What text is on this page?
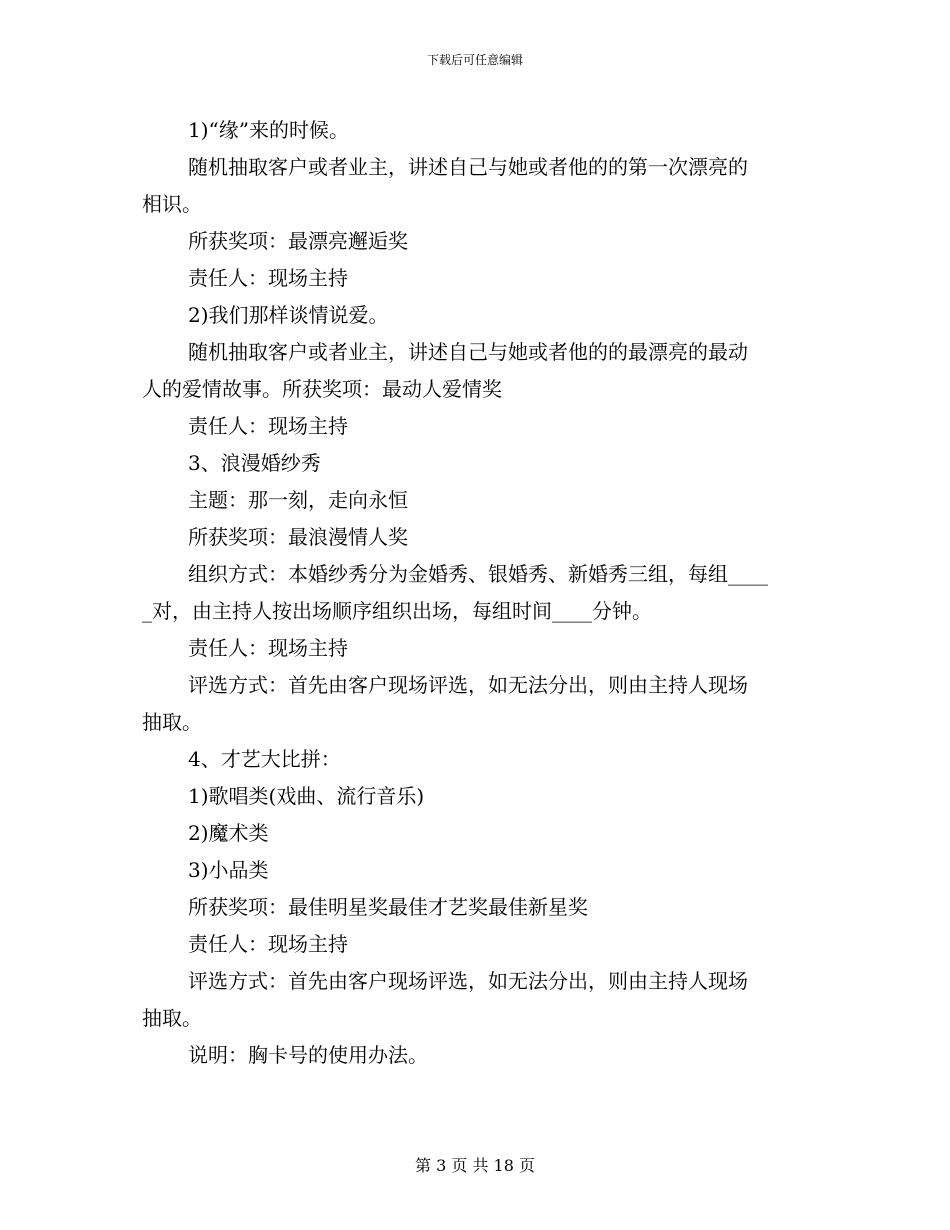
下载后可任意编辑
1)“缘”来的时候。
随机抽取客户或者业主，讲述自己与她或者他的的第一次漂亮的
相识。
所获奖项：最漂亮邂逅奖
责任人：现场主持
2)我们那样谈情说爱。
随机抽取客户或者业主，讲述自己与她或者他的的最漂亮的最动
人的爱情故事。所获奖项：最动人爱情奖
责任人：现场主持
3、浪漫婚纱秀
主题：那一刻，走向永恒
所获奖项：最浪漫情人奖
组织方式：本婚纱秀分为金婚秀、银婚秀、新婚秀三组，每组____
_对，由主持人按出场顺序组织出场，每组时间____分钟。
责任人：现场主持
评选方式：首先由客户现场评选，如无法分出，则由主持人现场
抽取。
4、才艺大比拼：
1)歌唱类(戏曲、流行音乐)
2)魔术类
3)小品类
所获奖项：最佳明星奖最佳才艺奖最佳新星奖
责任人：现场主持
评选方式：首先由客户现场评选，如无法分出，则由主持人现场
抽取。
说明：胸卡号的使用办法。
第 3 页 共 18 页
